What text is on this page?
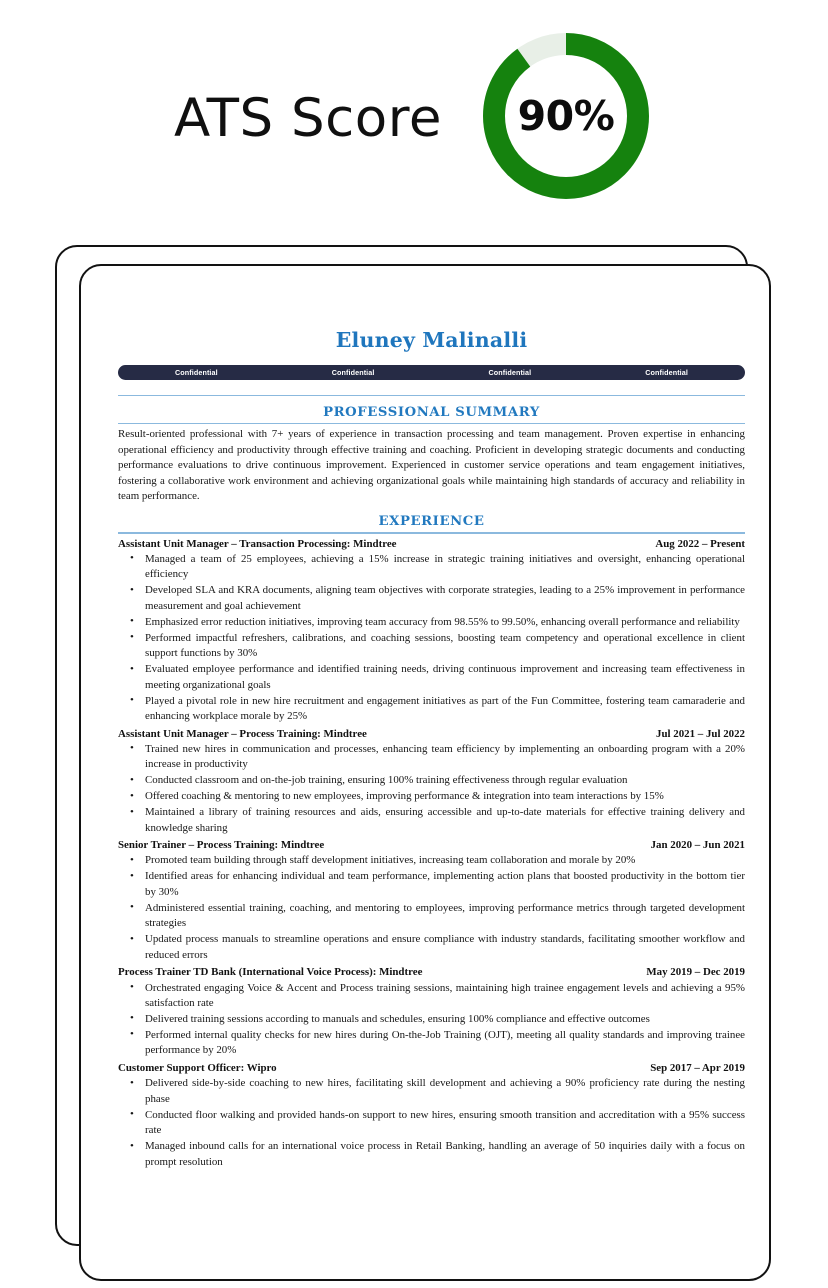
ATS Score	90%
Eluney Malinalli
Confidential	Confidential	Confidential	Confidential
PROFESSIONAL SUMMARY

Result-oriented professional with 7+ years of experience in transaction processing and team management. Proven expertise in enhancing operational efficiency and productivity through effective training and coaching. Proficient in developing strategic documents and conducting performance evaluations to drive continuous improvement. Experienced in customer service operations and team engagement initiatives, fostering a collaborative work environment and achieving organizational goals while maintaining high standards of accuracy and reliability in team performance.

EXPERIENCE
Assistant Unit Manager – Transaction Processing: Mindtree	Aug 2022 – Present
• Managed a team of 25 employees, achieving a 15% increase in strategic training initiatives and oversight, enhancing operational efficiency
• Developed SLA and KRA documents, aligning team objectives with corporate strategies, leading to a 25% improvement in performance measurement and goal achievement
• Emphasized error reduction initiatives, improving team accuracy from 98.55% to 99.50%, enhancing overall performance and reliability
• Performed impactful refreshers, calibrations, and coaching sessions, boosting team competency and operational excellence in client support functions by 30%
• Evaluated employee performance and identified training needs, driving continuous improvement and increasing team effectiveness in meeting organizational goals
• Played a pivotal role in new hire recruitment and engagement initiatives as part of the Fun Committee, fostering team camaraderie and enhancing workplace morale by 25%
Assistant Unit Manager – Process Training: Mindtree	Jul 2021 – Jul 2022
• Trained new hires in communication and processes, enhancing team efficiency by implementing an onboarding program with a 20% increase in productivity
• Conducted classroom and on-the-job training, ensuring 100% training effectiveness through regular evaluation
• Offered coaching & mentoring to new employees, improving performance & integration into team interactions by 15%
• Maintained a library of training resources and aids, ensuring accessible and up-to-date materials for effective training delivery and knowledge sharing
Senior Trainer – Process Training: Mindtree	Jan 2020 – Jun 2021
• Promoted team building through staff development initiatives, increasing team collaboration and morale by 20%
• Identified areas for enhancing individual and team performance, implementing action plans that boosted productivity in the bottom tier by 30%
• Administered essential training, coaching, and mentoring to employees, improving performance metrics through targeted development strategies
• Updated process manuals to streamline operations and ensure compliance with industry standards, facilitating smoother workflow and reduced errors
Process Trainer TD Bank (International Voice Process): Mindtree	May 2019 – Dec 2019
• Orchestrated engaging Voice & Accent and Process training sessions, maintaining high trainee engagement levels and achieving a 95% satisfaction rate
• Delivered training sessions according to manuals and schedules, ensuring 100% compliance and effective outcomes
• Performed internal quality checks for new hires during On-the-Job Training (OJT), meeting all quality standards and improving trainee performance by 20%
Customer Support Officer: Wipro	Sep 2017 – Apr 2019
• Delivered side-by-side coaching to new hires, facilitating skill development and achieving a 90% proficiency rate during the nesting phase
• Conducted floor walking and provided hands-on support to new hires, ensuring smooth transition and accreditation with a 95% success rate
• Managed inbound calls for an international voice process in Retail Banking, handling an average of 50 inquiries daily with a focus on prompt resolution
